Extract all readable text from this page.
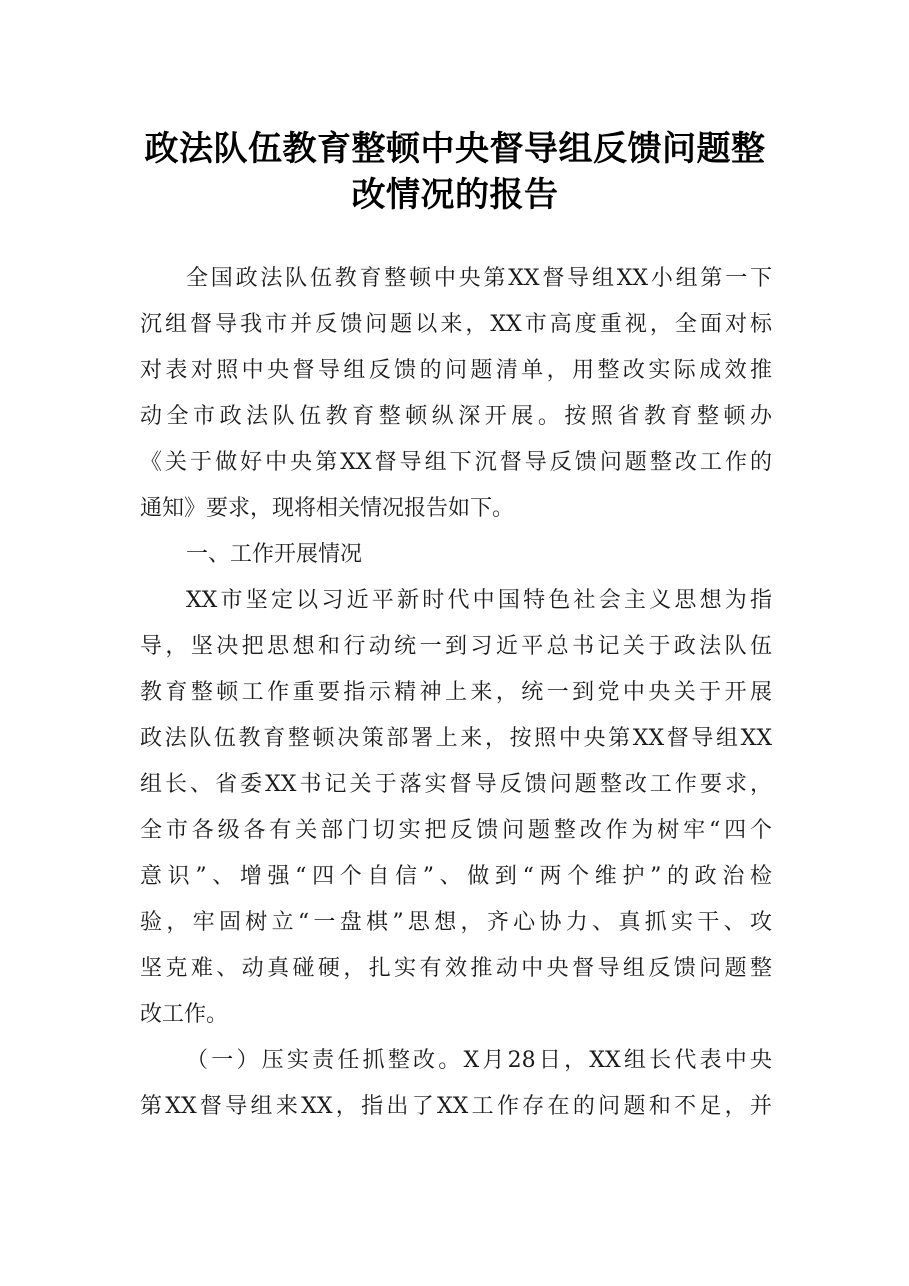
政法队伍教育整顿中央督导组反馈问题整
改情况的报告
全国政法队伍教育整顿中央第XX督导组XX小组第一下
沉组督导我市并反馈问题以来，XX市高度重视，全面对标
对表对照中央督导组反馈的问题清单，用整改实际成效推
动全市政法队伍教育整顿纵深开展。按照省教育整顿办
《关于做好中央第XX督导组下沉督导反馈问题整改工作的
通知》要求，现将相关情况报告如下。
一、工作开展情况
XX市坚定以习近平新时代中国特色社会主义思想为指
导，坚决把思想和行动统一到习近平总书记关于政法队伍
教育整顿工作重要指示精神上来，统一到党中央关于开展
政法队伍教育整顿决策部署上来，按照中央第XX督导组XX
组长、省委XX书记关于落实督导反馈问题整改工作要求，
全市各级各有关部门切实把反馈问题整改作为树牢“四个
意识”、增强“四个自信”、做到“两个维护”的政治检
验，牢固树立“一盘棋”思想，齐心协力、真抓实干、攻
坚克难、动真碰硬，扎实有效推动中央督导组反馈问题整
改工作。
（一）压实责任抓整改。X月28日，XX组长代表中央
第XX督导组来XX，指出了XX工作存在的问题和不足，并
